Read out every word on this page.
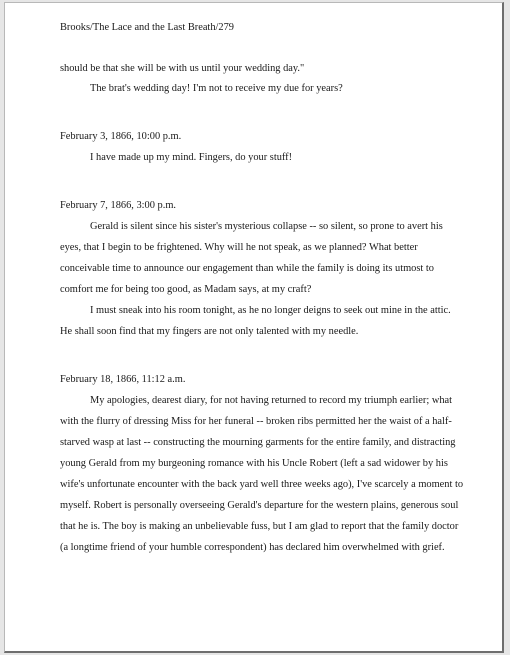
Brooks/The Lace and the Last Breath/279

should be that she will be with us until your wedding day."

The brat's wedding day! I'm not to receive my due for years?

February 3, 1866, 10:00 p.m.

I have made up my mind. Fingers, do your stuff!

February 7, 1866, 3:00 p.m.

Gerald is silent since his sister's mysterious collapse -- so silent, so prone to avert his

eyes, that I begin to be frightened. Why will he not speak, as we planned? What better

conceivable time to announce our engagement than while the family is doing its utmost to

comfort me for being too good, as Madam says, at my craft?

I must sneak into his room tonight, as he no longer deigns to seek out mine in the attic.

He shall soon find that my fingers are not only talented with my needle.

February 18, 1866, 11:12 a.m.

My apologies, dearest diary, for not having returned to record my triumph earlier; what

with the flurry of dressing Miss for her funeral -- broken ribs permitted her the waist of a half-

starved wasp at last -- constructing the mourning garments for the entire family, and distracting

young Gerald from my burgeoning romance with his Uncle Robert (left a sad widower by his

wife's unfortunate encounter with the back yard well three weeks ago), I've scarcely a moment to

myself. Robert is personally overseeing Gerald's departure for the western plains, generous soul

that he is. The boy is making an unbelievable fuss, but I am glad to report that the family doctor

(a longtime friend of your humble correspondent) has declared him overwhelmed with grief.
